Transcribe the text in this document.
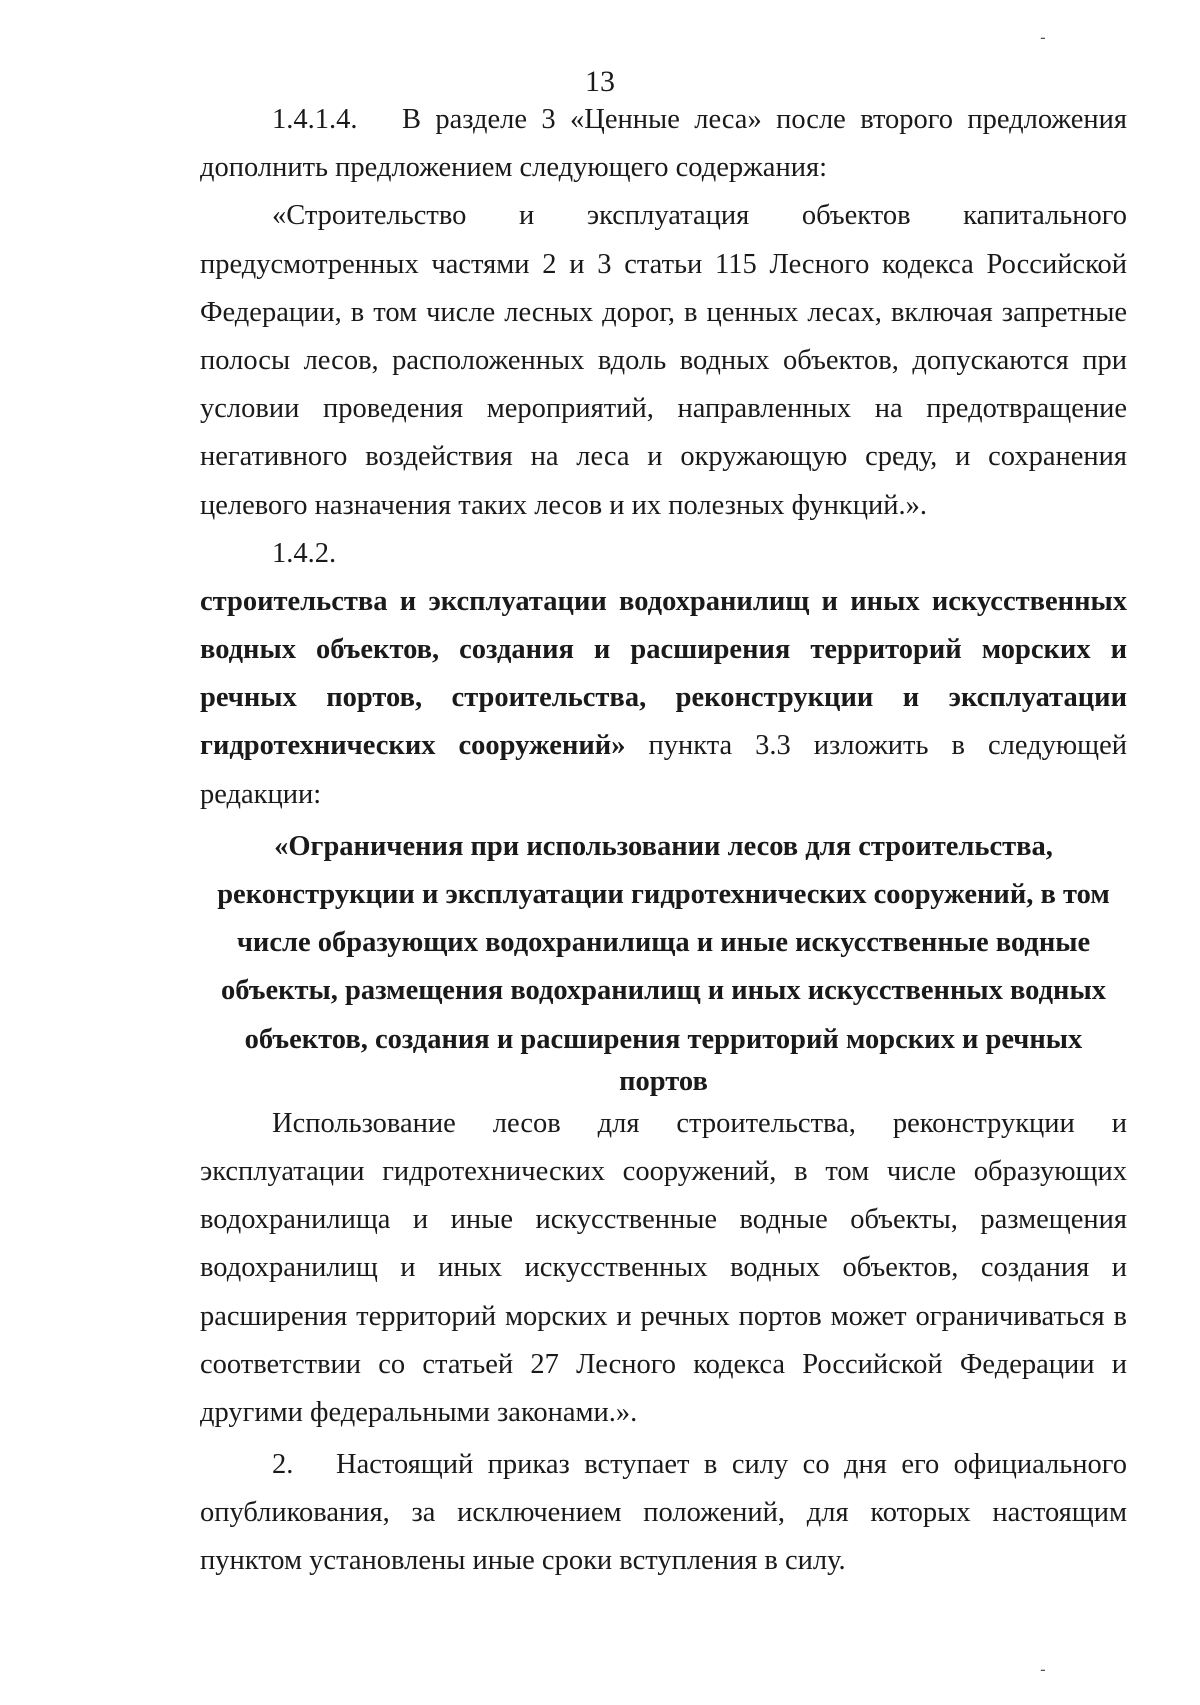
13
1.4.1.4. В разделе 3 «Ценные леса» после второго предложения
дополнить предложением следующего содержания:
«Строительство и эксплуатация объектов капитального
предусмотренных частями 2 и 3 статьи 115 Лесного кодекса Российской
Федерации, в том числе лесных дорог, в ценных лесах, включая запретные
полосы лесов, расположенных вдоль водных объектов, допускаются при
условии проведения мероприятий, направленных на предотвращение
негативного воздействия на леса и окружающую среду, и сохранения
целевого назначения таких лесов и их полезных функций.».
1.4.2.
строительства и эксплуатации водохранилищ и иных искусственных
водных объектов, создания и расширения территорий морских и
речных портов, строительства, реконструкции и эксплуатации
гидротехнических сооружений» пункта 3.3 изложить в следующей
редакции:
«Ограничения при использовании лесов для строительства,
реконструкции и эксплуатации гидротехнических сооружений, в том
числе образующих водохранилища и иные искусственные водные
объекты, размещения водохранилищ и иных искусственных водных
объектов, создания и расширения территорий морских и речных
портов
Использование лесов для строительства, реконструкции и
эксплуатации гидротехнических сооружений, в том числе образующих
водохранилища и иные искусственные водные объекты, размещения
водохранилищ и иных искусственных водных объектов, создания и
расширения территорий морских и речных портов может ограничиваться в
соответствии со статьей 27 Лесного кодекса Российской Федерации и
другими федеральными законами.».
2. Настоящий приказ вступает в силу со дня его официального
опубликования, за исключением положений, для которых настоящим
пунктом установлены иные сроки вступления в силу.
‐
‐
